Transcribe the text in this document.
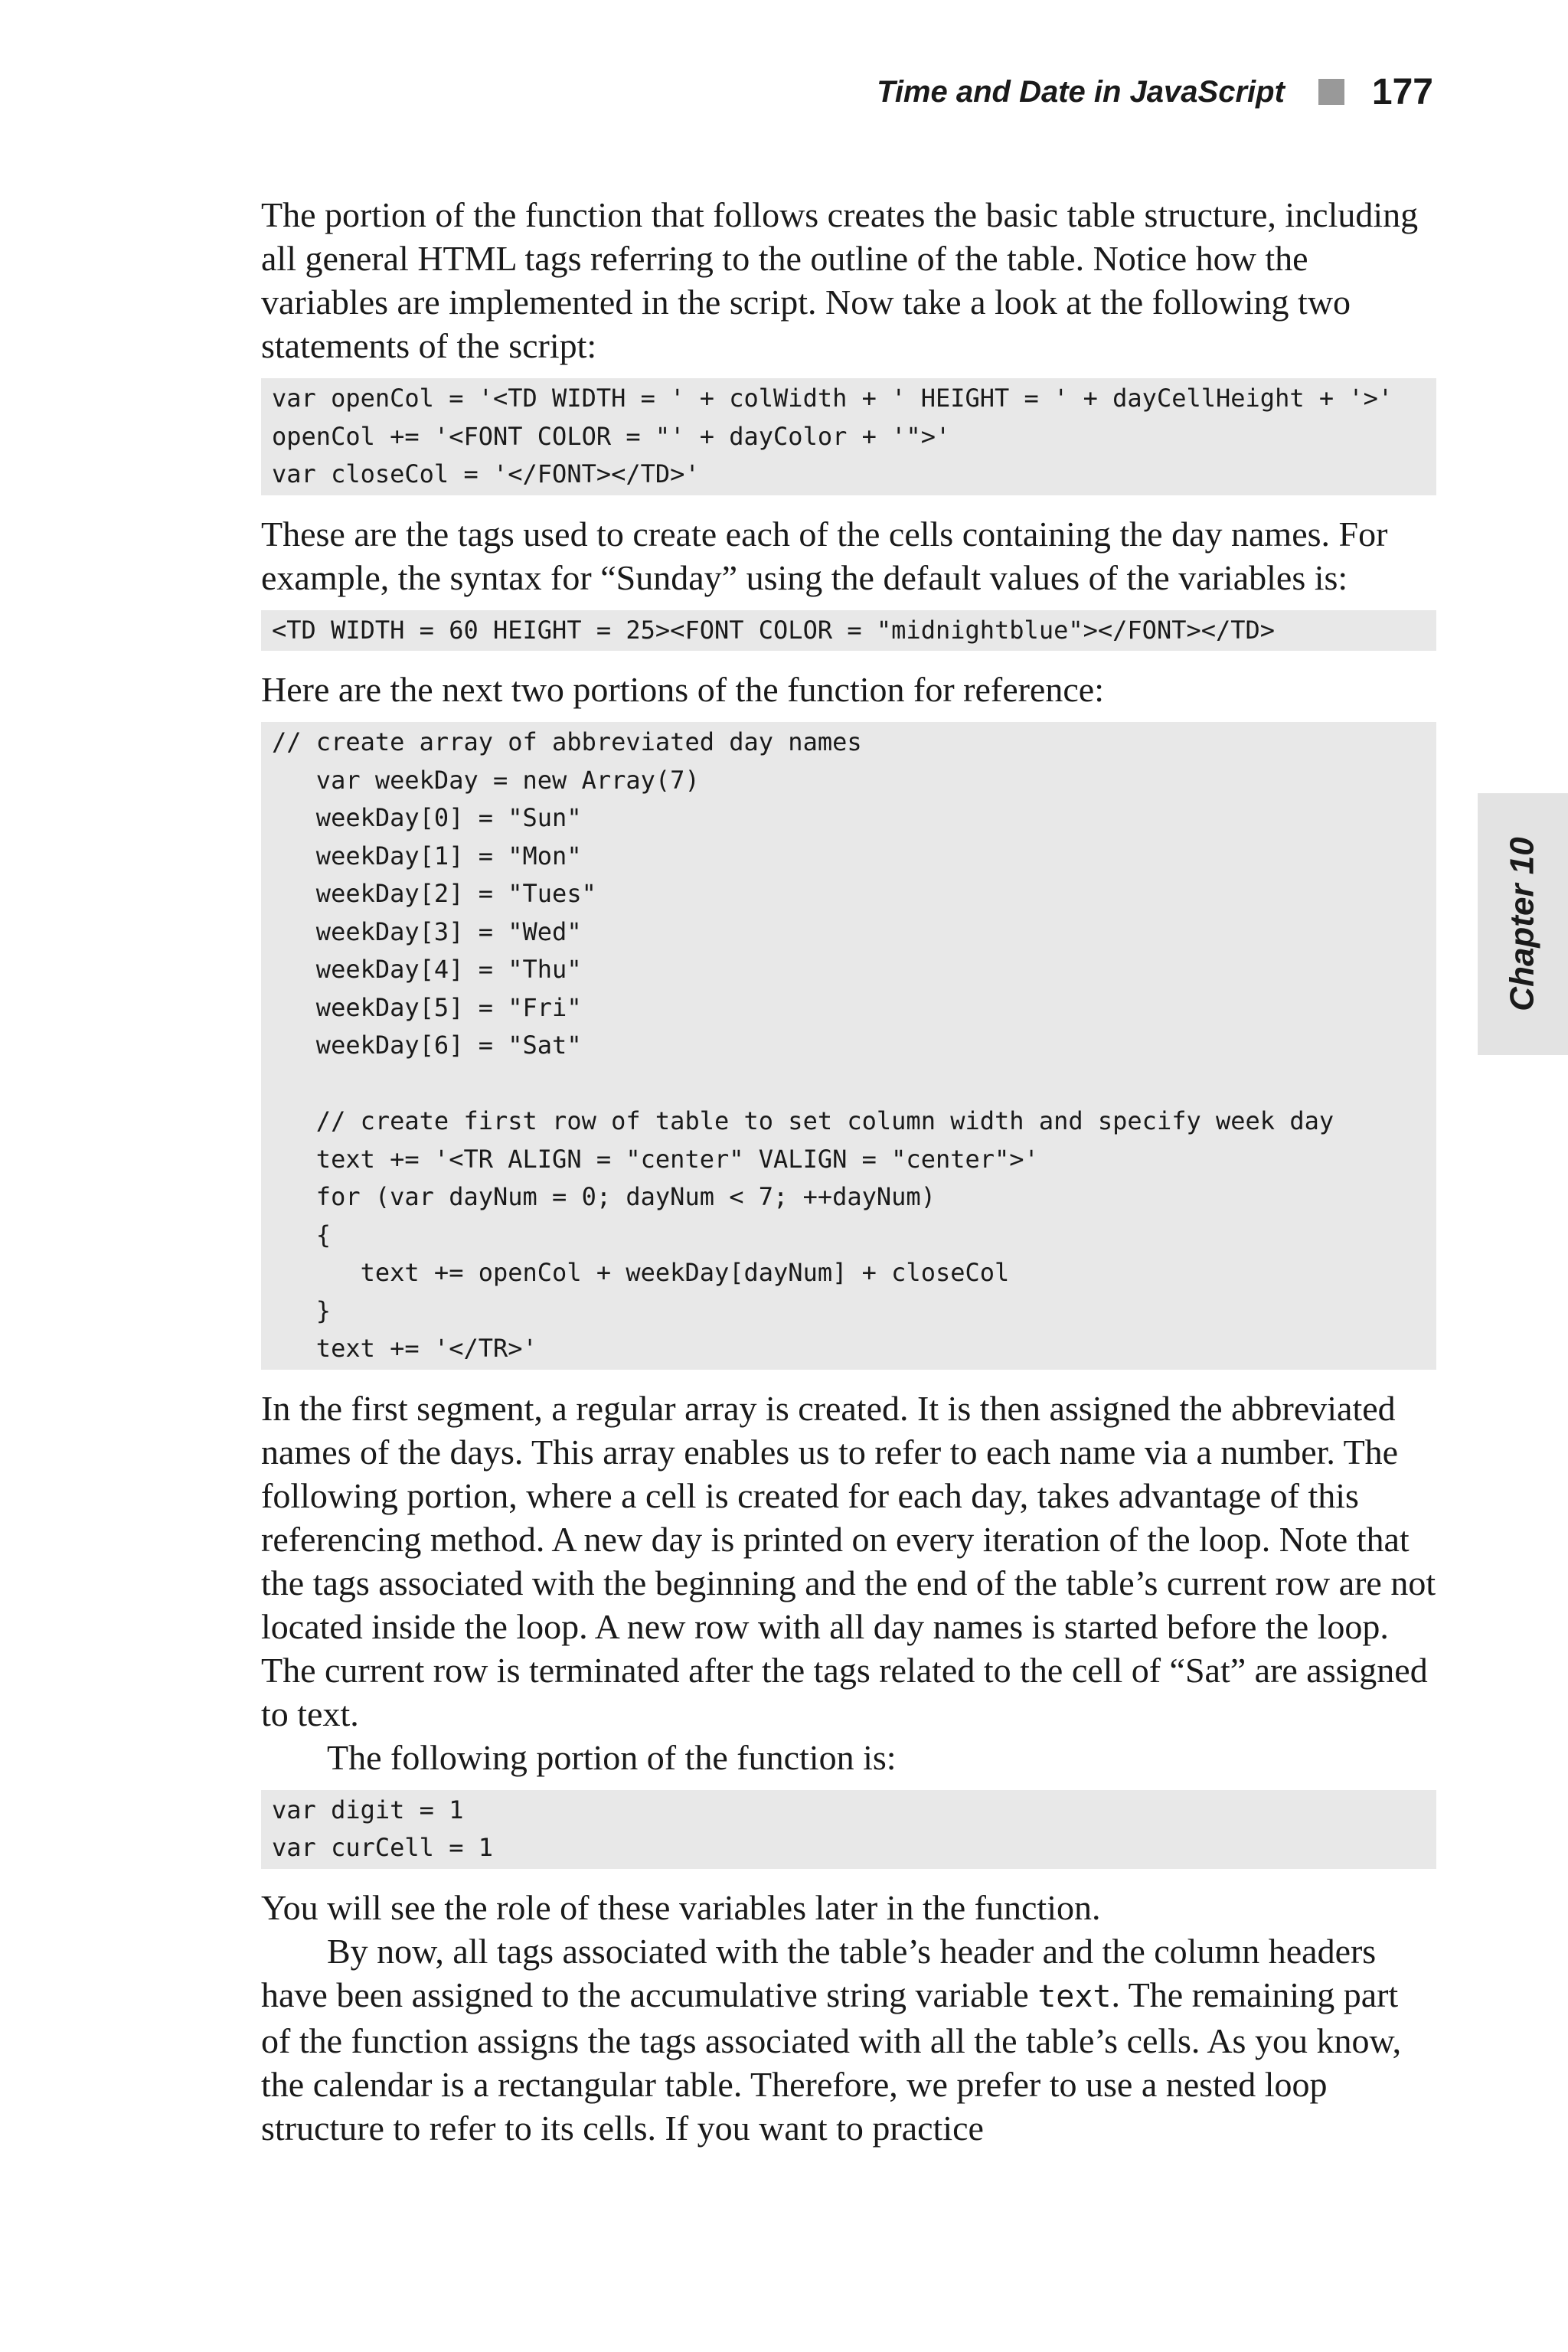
Time and Date in JavaScript 177
Chapter 10

The portion of the function that follows creates the basic table structure, including all general HTML tags referring to the outline of the table. Notice how the variables are implemented in the script. Now take a look at the following two statements of the script:

var openCol = '<TD WIDTH = ' + colWidth + ' HEIGHT = ' + dayCellHeight + '>'
openCol += '<FONT COLOR = "' + dayColor + '">'
var closeCol = '</FONT></TD>'

These are the tags used to create each of the cells containing the day names. For example, the syntax for “Sunday” using the default values of the variables is:

<TD WIDTH = 60 HEIGHT = 25><FONT COLOR = "midnightblue"></FONT></TD>

Here are the next two portions of the function for reference:

// create array of abbreviated day names
var weekDay = new Array(7)
weekDay[0] = "Sun"
weekDay[1] = "Mon"
weekDay[2] = "Tues"
weekDay[3] = "Wed"
weekDay[4] = "Thu"
weekDay[5] = "Fri"
weekDay[6] = "Sat"

// create first row of table to set column width and specify week day
text += '<TR ALIGN = "center" VALIGN = "center">'
for (var dayNum = 0; dayNum < 7; ++dayNum)
{
text += openCol + weekDay[dayNum] + closeCol
}
text += '</TR>'

In the first segment, a regular array is created. It is then assigned the abbreviated names of the days. This array enables us to refer to each name via a number. The following portion, where a cell is created for each day, takes advantage of this referencing method. A new day is printed on every iteration of the loop. Note that the tags associated with the beginning and the end of the table’s current row are not located inside the loop. A new row with all day names is started before the loop. The current row is terminated after the tags related to the cell of “Sat” are assigned to text.

The following portion of the function is:

var digit = 1
var curCell = 1

You will see the role of these variables later in the function.

By now, all tags associated with the table’s header and the column headers have been assigned to the accumulative string variable text. The remaining part of the function assigns the tags associated with all the table’s cells. As you know, the calendar is a rectangular table. Therefore, we prefer to use a nested loop structure to refer to its cells. If you want to practice
